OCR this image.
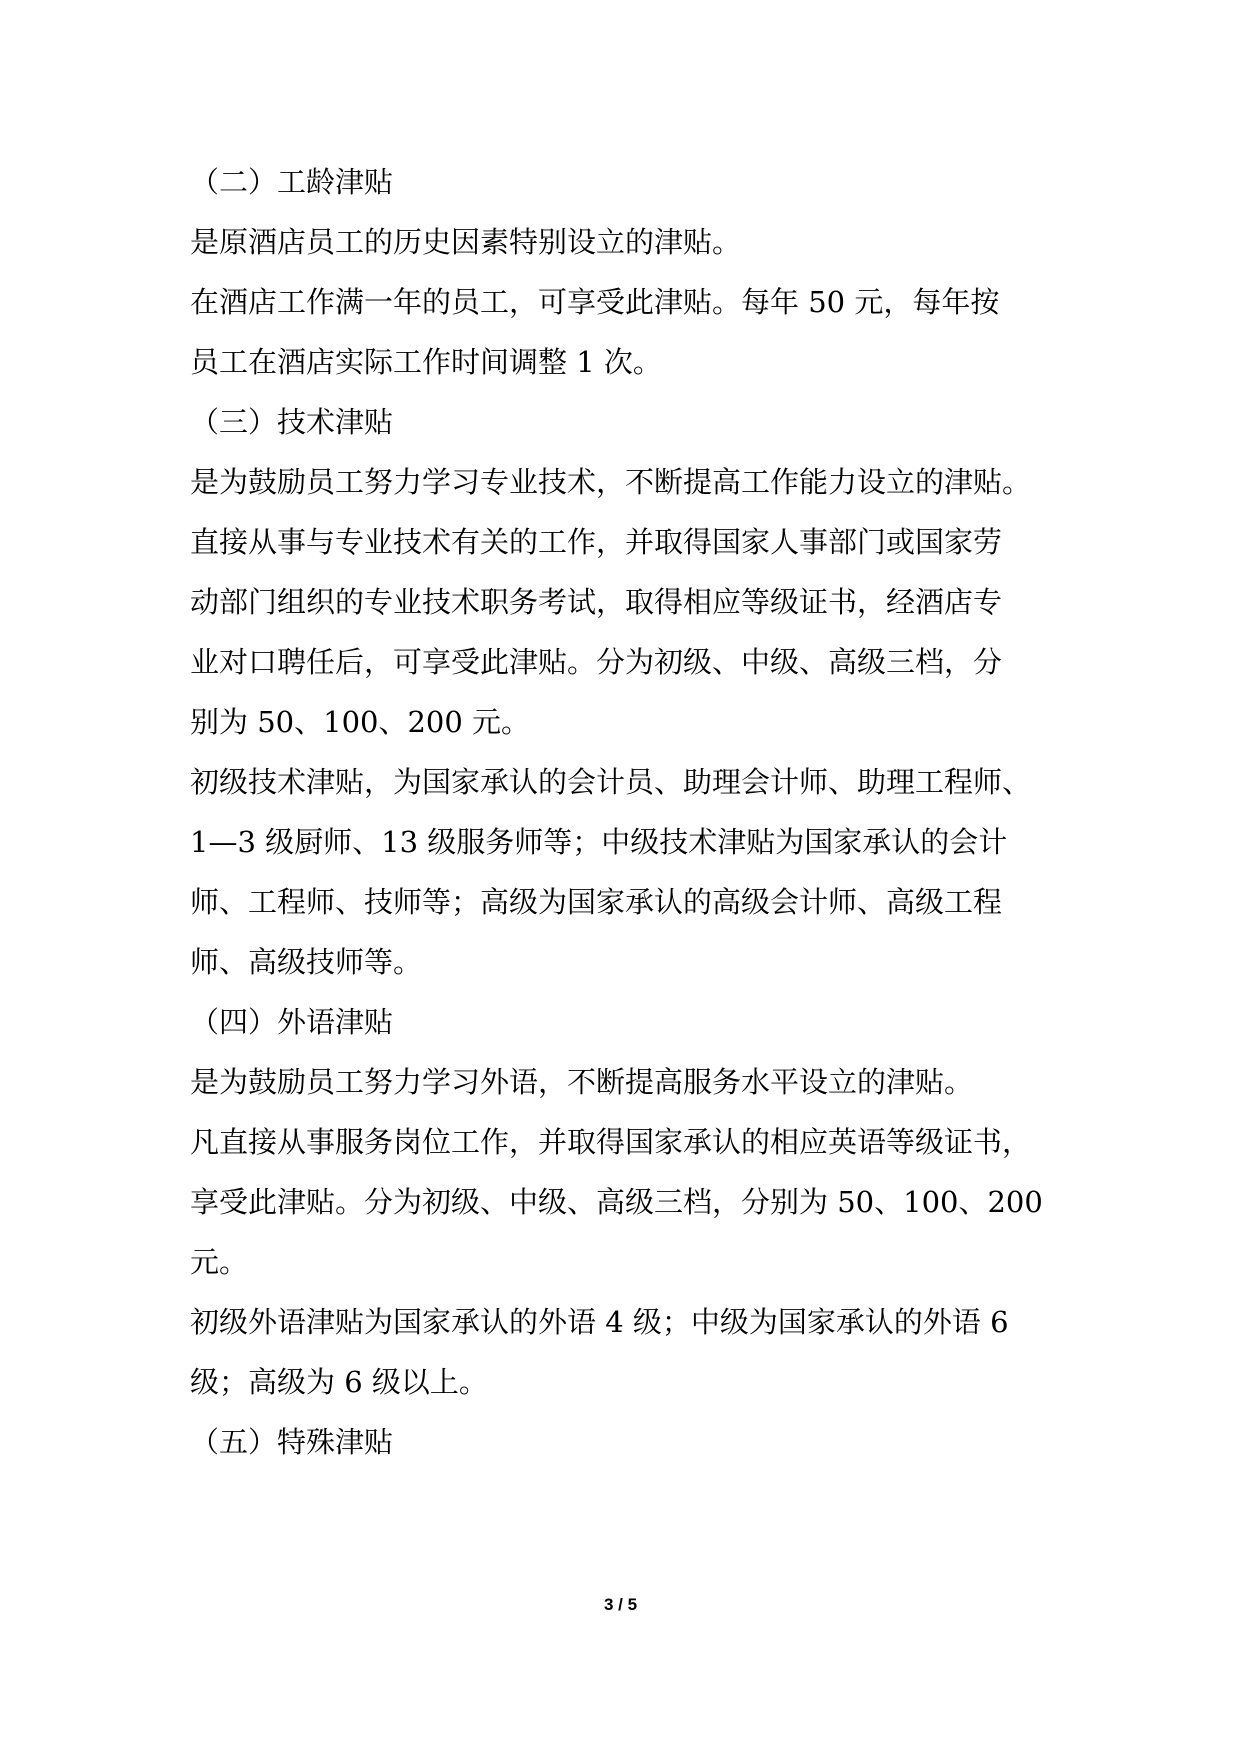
（二）工龄津贴
是原酒店员工的历史因素特别设立的津贴。
在酒店工作满一年的员工，可享受此津贴。每年 50 元，每年按
员工在酒店实际工作时间调整 1 次。
（三）技术津贴
是为鼓励员工努力学习专业技术，不断提高工作能力设立的津贴。
直接从事与专业技术有关的工作，并取得国家人事部门或国家劳
动部门组织的专业技术职务考试，取得相应等级证书，经酒店专
业对口聘任后，可享受此津贴。分为初级、中级、高级三档，分
别为 50、100、200 元。
初级技术津贴，为国家承认的会计员、助理会计师、助理工程师、
1—3 级厨师、13 级服务师等；中级技术津贴为国家承认的会计
师、工程师、技师等；高级为国家承认的高级会计师、高级工程
师、高级技师等。
（四）外语津贴
是为鼓励员工努力学习外语，不断提高服务水平设立的津贴。
凡直接从事服务岗位工作，并取得国家承认的相应英语等级证书，
享受此津贴。分为初级、中级、高级三档，分别为 50、100、200
元。
初级外语津贴为国家承认的外语 4 级；中级为国家承认的外语 6
级；高级为 6 级以上。
（五）特殊津贴
3 / 5
